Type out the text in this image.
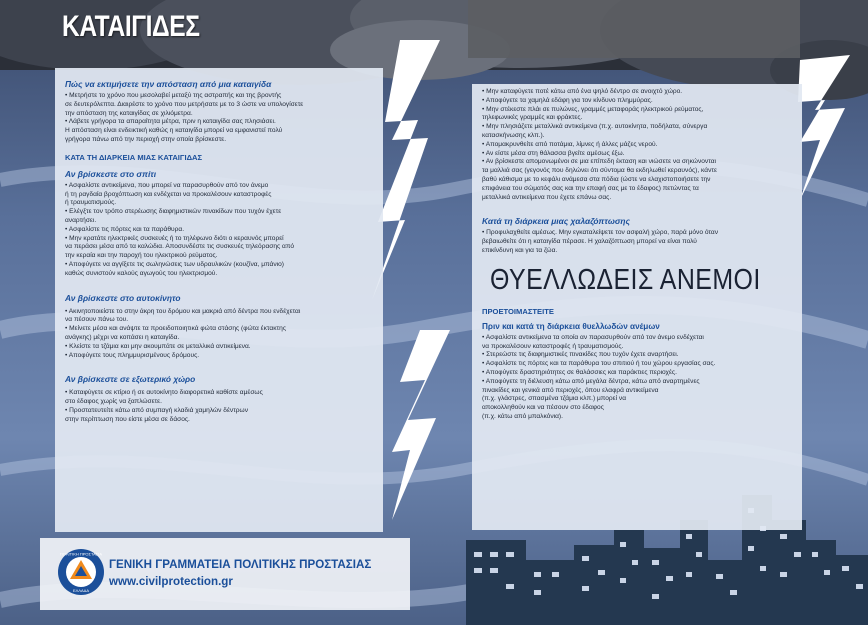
ΚΑΤΑΙΓΙΔΕΣ
Πώς να εκτιμήσετε την απόσταση από μια καταιγίδα
• Μετρήστε το χρόνο που μεσολαβεί μεταξύ της αστραπής και της βροντής
σε δευτερόλεπτα. Διαιρέστε το χρόνο που μετρήσατε με το 3 ώστε να υπολογίσετε
την απόσταση της καταιγίδας σε χιλιόμετρα.
• Λάβετε γρήγορα τα απαραίτητα μέτρα, πριν η καταιγίδα σας πλησιάσει.
Η απόσταση είναι ενδεικτική καθώς η καταιγίδα μπορεί να εμφανιστεί πολύ
γρήγορα πάνω από την περιοχή στην οποία βρίσκεστε.
ΚΑΤΑ ΤΗ ΔΙΑΡΚΕΙΑ ΜΙΑΣ ΚΑΤΑΙΓΙΔΑΣ
Αν βρίσκεστε στο σπίτι
• Ασφαλίστε αντικείμενα, που μπορεί να παρασυρθούν από τον άνεμο
ή τη ραγδαία βροχόπτωση και ενδέχεται να προκαλέσουν καταστροφές
ή τραυματισμούς.
• Ελέγξτε τον τρόπο στερέωσης διαφημιστικών πινακίδων που τυχόν έχετε
αναρτήσει.
• Ασφαλίστε τις πόρτες και τα παράθυρα.
• Μην κρατάτε ηλεκτρικές συσκευές ή το τηλέφωνο διότι ο κεραυνός μπορεί
να περάσει μέσα από τα καλώδια. Αποσυνδέστε τις συσκευές τηλεόρασης από
την κεραία και την παροχή του ηλεκτρικού ρεύματος.
• Αποφύγετε να αγγίξετε τις σωληνώσεις των υδραυλικών (κουζίνα, μπάνιο)
καθώς συνιστούν καλούς αγωγούς του ηλεκτρισμού.
Αν βρίσκεστε στο αυτοκίνητο
• Ακινητοποιείστε το στην άκρη του δρόμου και μακριά από δέντρα που ενδέχεται
να πέσουν πάνω του.
• Μείνετε μέσα και ανάψτε τα προειδοποιητικά φώτα στάσης (φώτα έκτακτης
ανάγκης) μέχρι να κοπάσει η καταιγίδα.
• Κλείστε τα τζάμια και μην ακουμπάτε σε μεταλλικά αντικείμενα.
• Αποφύγετε τους πλημμυρισμένους δρόμους.
Αν βρίσκεστε σε εξωτερικό χώρο
• Καταφύγετε σε κτίριο ή σε αυτοκίνητο διαφορετικά καθίστε αμέσως
στο έδαφος χωρίς να ξαπλώσετε.
• Προστατευτείτε κάτω από συμπαγή κλαδιά χαμηλών δέντρων
στην περίπτωση που είστε μέσα σε δάσος.
• Μην καταφύγετε ποτέ κάτω από ένα ψηλό δέντρο σε ανοιχτό χώρο.
• Αποφύγετε τα χαμηλά εδάφη για τον κίνδυνο πλημμύρας.
• Μην στέκεστε πλάι σε πυλώνες, γραμμές μεταφοράς ηλεκτρικού ρεύματος,
τηλεφωνικές γραμμές και φράκτες.
• Μην πλησιάζετε μεταλλικά αντικείμενα (π.χ. αυτοκίνητα, ποδήλατα, σύνεργα
κατασκήνωσης κλπ.).
• Απομακρυνθείτε από ποτάμια, λίμνες ή άλλες μάζες νερού.
• Αν είστε μέσα στη θάλασσα βγείτε αμέσως έξω.
• Αν βρίσκεστε απομονωμένοι σε μια επίπεδη έκταση και νιώσετε να σηκώνονται
τα μαλλιά σας (γεγονός που δηλώνει ότι σύντομα θα εκδηλωθεί κεραυνός), κάντε
βαθύ κάθισμα με το κεφάλι ανάμεσα στα πόδια (ώστε να ελαχιστοποιήσετε την
επιφάνεια του σώματός σας και την επαφή σας με το έδαφος) πετώντας τα
μεταλλικά αντικείμενα που έχετε επάνω σας.
Κατά τη διάρκεια μιας χαλαζόπτωσης
• Προφυλαχθείτε αμέσως. Μην εγκαταλείψετε τον ασφαλή χώρο, παρά μόνο όταν
βεβαιωθείτε ότι η καταιγίδα πέρασε. Η χαλαζόπτωση μπορεί να είναι πολύ
επικίνδυνη και για τα ζώα.
ΘΥΕΛΛΩΔΕΙΣ ΑΝΕΜΟΙ
ΠΡΟΕΤΟΙΜΑΣΤΕΙΤΕ
Πριν και κατά τη διάρκεια θυελλωδών ανέμων
• Ασφαλίστε αντικείμενα τα οποία αν παρασυρθούν από τον άνεμο ενδέχεται
να προκαλέσουν καταστροφές ή τραυματισμούς.
• Στερεώστε τις διαφημιστικές πινακίδες που τυχόν έχετε αναρτήσει.
• Ασφαλίστε τις πόρτες και τα παράθυρα του σπιτιού ή του χώρου εργασίας σας.
• Αποφύγετε δραστηριότητες σε θαλάσσιες και παράκτιες περιοχές.
• Αποφύγετε τη διέλευση κάτω από μεγάλα δέντρα, κάτω από αναρτημένες
πινακίδες και γενικά από περιοχές, όπου ελαφρά αντικείμενα
(π.χ. γλάστρες, σπασμένα τζάμια κλπ.) μπορεί να
αποκολληθούν και να πέσουν στο έδαφος
(π.χ. κάτω από μπαλκόνια).
ΠΟΛΙΤΙΚΗ ΠΡΟΣΤΑΣΙΑ
ΕΛΛΑΔΑ
ΓΕΝΙΚΗ ΓΡΑΜΜΑΤΕΙΑ ΠΟΛΙΤΙΚΗΣ ΠΡΟΣΤΑΣΙΑΣ
www.civilprotection.gr
